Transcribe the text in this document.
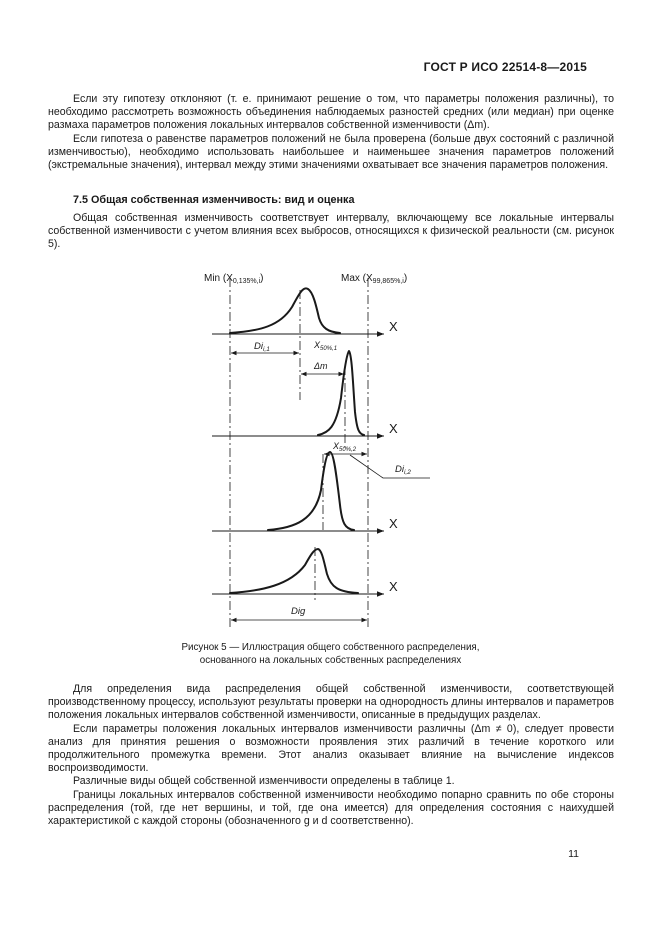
ГОСТ Р ИСО 22514-8—2015

Если эту гипотезу отклоняют (т. е. принимают решение о том, что параметры положения различны), то необходимо рассмотреть возможность объединения наблюдаемых разностей средних (или медиан) при оценке размаха параметров положения локальных интервалов собственной изменчивости (Δm).

Если гипотеза о равенстве параметров положений не была проверена (больше двух состояний с различной изменчивостью), необходимо использовать наибольшее и наименьшее значения параметров положений (экстремальные значения), интервал между этими значениями охватывает все значения параметров положения.

7.5 Общая собственная изменчивость: вид и оценка

Общая собственная изменчивость соответствует интервалу, включающему все локальные интервалы собственной изменчивости с учетом влияния всех выбросов, относящихся к физической реальности (см. рисунок 5).

Min $(X_{0,135\%,i})$	Max $(X_{99,865\%,i})$
X
X
X
X
$Di_{i,1}$	$X_{50\%,1}$
Δm
$X_{50\%,2}$
$Di_{i,2}$
Dig
Рисунок 5 — Иллюстрация общего собственного распределения,
основанного на локальных собственных распределениях

Для определения вида распределения общей собственной изменчивости, соответствующей производственному процессу, используют результаты проверки на однородность длины интервалов и параметров положения локальных интервалов собственной изменчивости, описанные в предыдущих разделах.

Если параметры положения локальных интервалов изменчивости различны (Δm ≠ 0), следует провести анализ для принятия решения о возможности проявления этих различий в течение короткого или продолжительного промежутка времени. Этот анализ оказывает влияние на вычисление индексов воспроизводимости.

Различные виды общей собственной изменчивости определены в таблице 1.

Границы локальных интервалов собственной изменчивости необходимо попарно сравнить по обе стороны распределения (той, где нет вершины, и той, где она имеется) для определения состояния с наихудшей характеристикой с каждой стороны (обозначенного g и d соответственно).

11
